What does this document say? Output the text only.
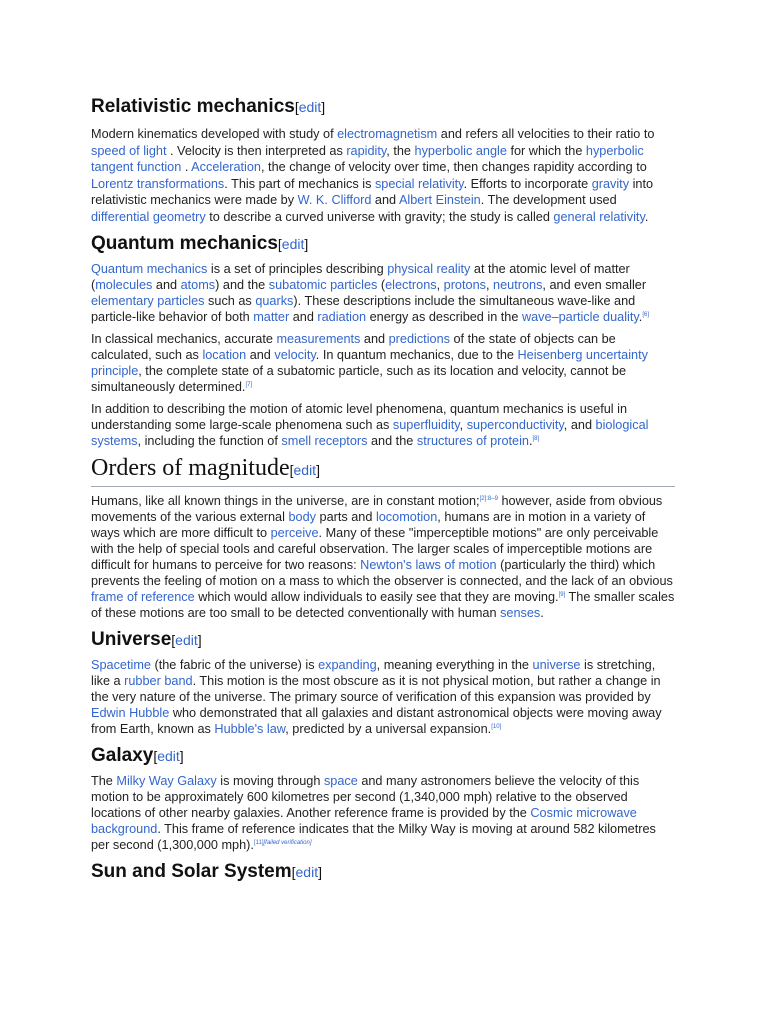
Relativistic mechanics[edit]

Modern kinematics developed with study of electromagnetism and refers all velocities to their ratio to speed of light . Velocity is then interpreted as rapidity, the hyperbolic angle for which the hyperbolic tangent function . Acceleration, the change of velocity over time, then changes rapidity according to Lorentz transformations. This part of mechanics is special relativity. Efforts to incorporate gravity into relativistic mechanics were made by W. K. Clifford and Albert Einstein. The development used differential geometry to describe a curved universe with gravity; the study is called general relativity.

Quantum mechanics[edit]

Quantum mechanics is a set of principles describing physical reality at the atomic level of matter (molecules and atoms) and the subatomic particles (electrons, protons, neutrons, and even smaller elementary particles such as quarks). These descriptions include the simultaneous wave-like and particle-like behavior of both matter and radiation energy as described in the wave–particle duality.[6]

In classical mechanics, accurate measurements and predictions of the state of objects can be calculated, such as location and velocity. In quantum mechanics, due to the Heisenberg uncertainty principle, the complete state of a subatomic particle, such as its location and velocity, cannot be simultaneously determined.[7]

In addition to describing the motion of atomic level phenomena, quantum mechanics is useful in understanding some large-scale phenomena such as superfluidity, superconductivity, and biological systems, including the function of smell receptors and the structures of protein.[8]

Orders of magnitude[edit]

Humans, like all known things in the universe, are in constant motion;$^{[2]:8-9}$ however, aside from obvious movements of the various external body parts and locomotion, humans are in motion in a variety of ways which are more difficult to perceive. Many of these "imperceptible motions" are only perceivable with the help of special tools and careful observation. The larger scales of imperceptible motions are difficult for humans to perceive for two reasons: Newton's laws of motion (particularly the third) which prevents the feeling of motion on a mass to which the observer is connected, and the lack of an obvious frame of reference which would allow individuals to easily see that they are moving.[9] The smaller scales of these motions are too small to be detected conventionally with human senses.

Universe[edit]

Spacetime (the fabric of the universe) is expanding, meaning everything in the universe is stretching, like a rubber band. This motion is the most obscure as it is not physical motion, but rather a change in the very nature of the universe. The primary source of verification of this expansion was provided by Edwin Hubble who demonstrated that all galaxies and distant astronomical objects were moving away from Earth, known as Hubble's law, predicted by a universal expansion.[10]

Galaxy[edit]

The Milky Way Galaxy is moving through space and many astronomers believe the velocity of this motion to be approximately 600 kilometres per second (1,340,000 mph) relative to the observed locations of other nearby galaxies. Another reference frame is provided by the Cosmic microwave background. This frame of reference indicates that the Milky Way is moving at around 582 kilometres per second (1,300,000 mph).[11][failed verification]

Sun and Solar System[edit]
